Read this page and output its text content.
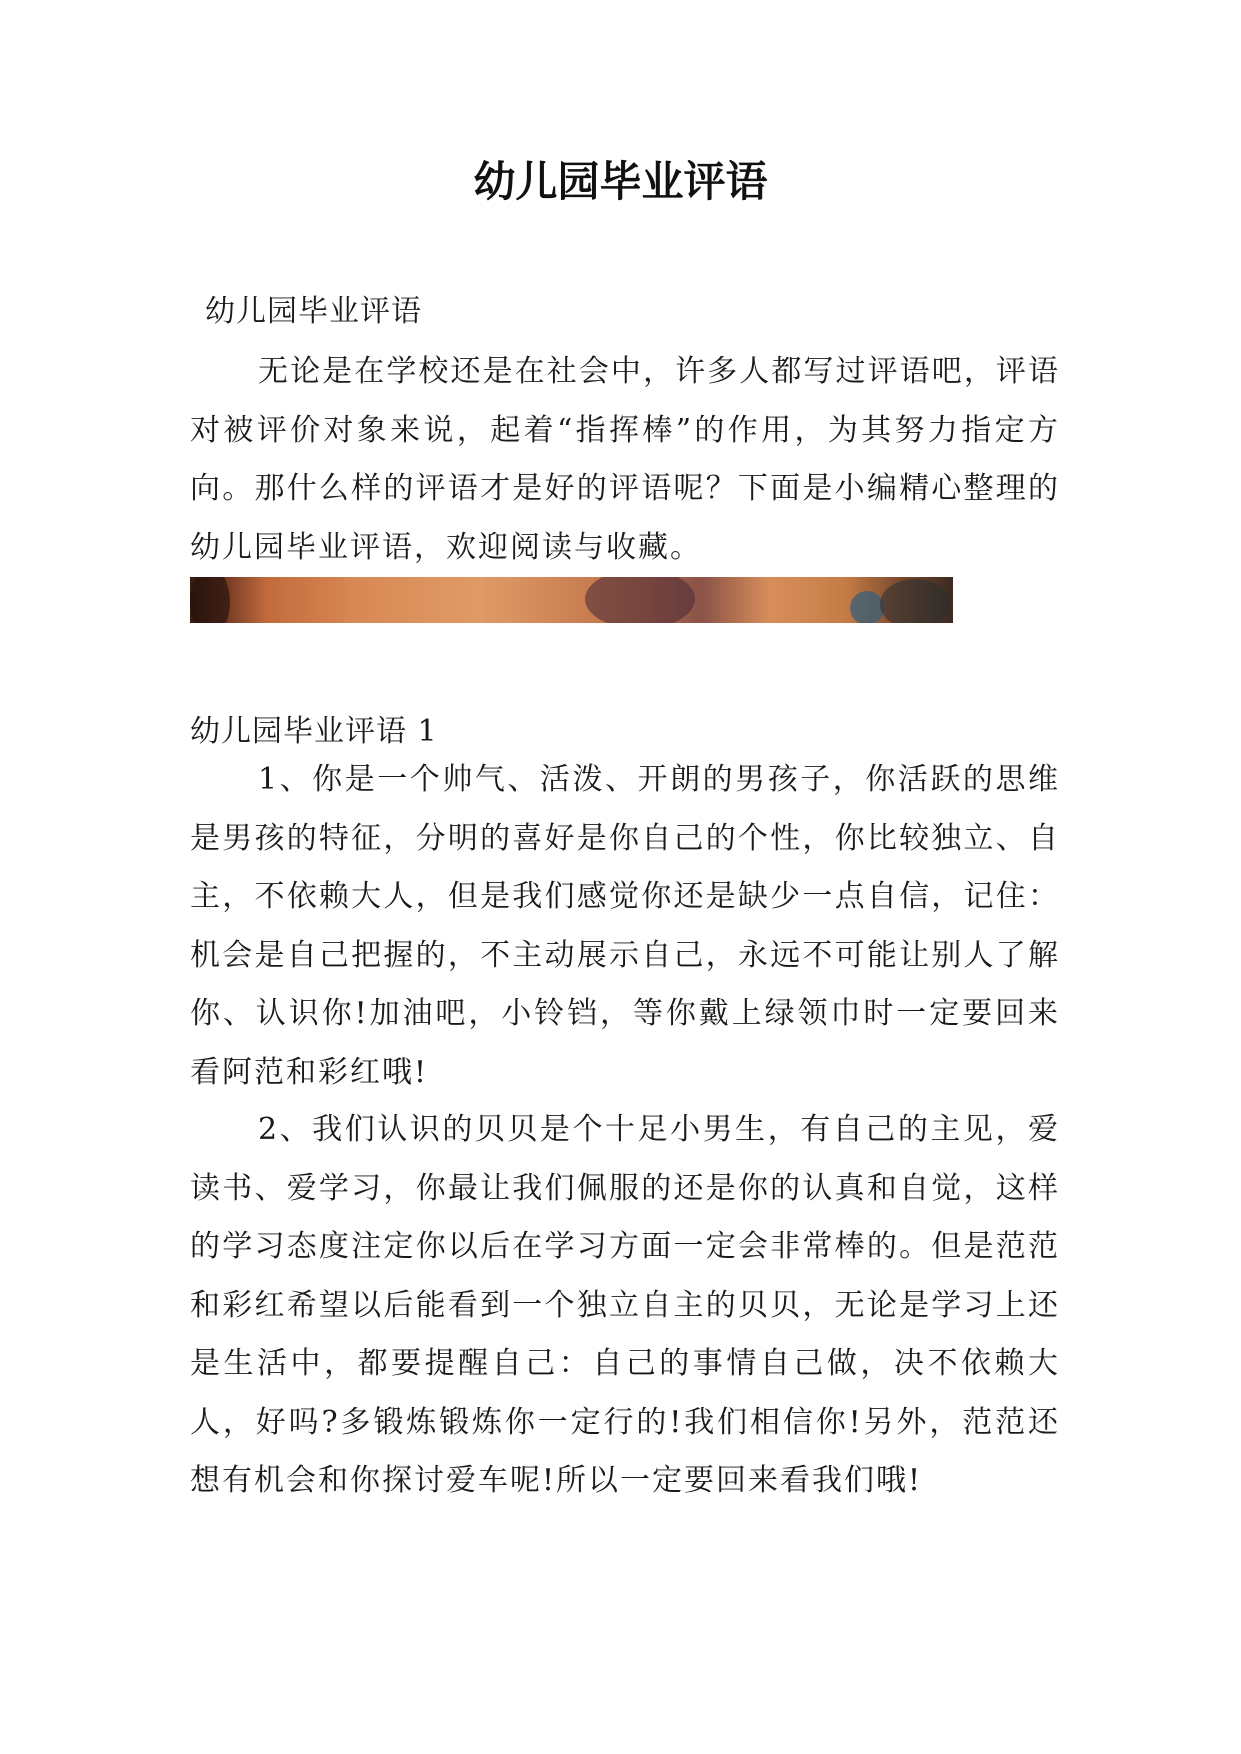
幼儿园毕业评语

幼儿园毕业评语

无论是在学校还是在社会中，许多人都写过评语吧，评语对被评价对象来说，起着“指挥棒”的作用，为其努力指定方向。那什么样的评语才是好的评语呢？下面是小编精心整理的幼儿园毕业评语，欢迎阅读与收藏。

幼儿园毕业评语 1

1、你是一个帅气、活泼、开朗的男孩子，你活跃的思维是男孩的特征，分明的喜好是你自己的个性，你比较独立、自主，不依赖大人，但是我们感觉你还是缺少一点自信，记住：机会是自己把握的，不主动展示自己，永远不可能让别人了解你、认识你!加油吧，小铃铛，等你戴上绿领巾时一定要回来看阿范和彩红哦!

2、我们认识的贝贝是个十足小男生，有自己的主见，爱读书、爱学习，你最让我们佩服的还是你的认真和自觉，这样的学习态度注定你以后在学习方面一定会非常棒的。但是范范和彩红希望以后能看到一个独立自主的贝贝，无论是学习上还是生活中，都要提醒自己：自己的事情自己做，决不依赖大人，好吗?多锻炼锻炼你一定行的!我们相信你!另外，范范还想有机会和你探讨爱车呢!所以一定要回来看我们哦!
